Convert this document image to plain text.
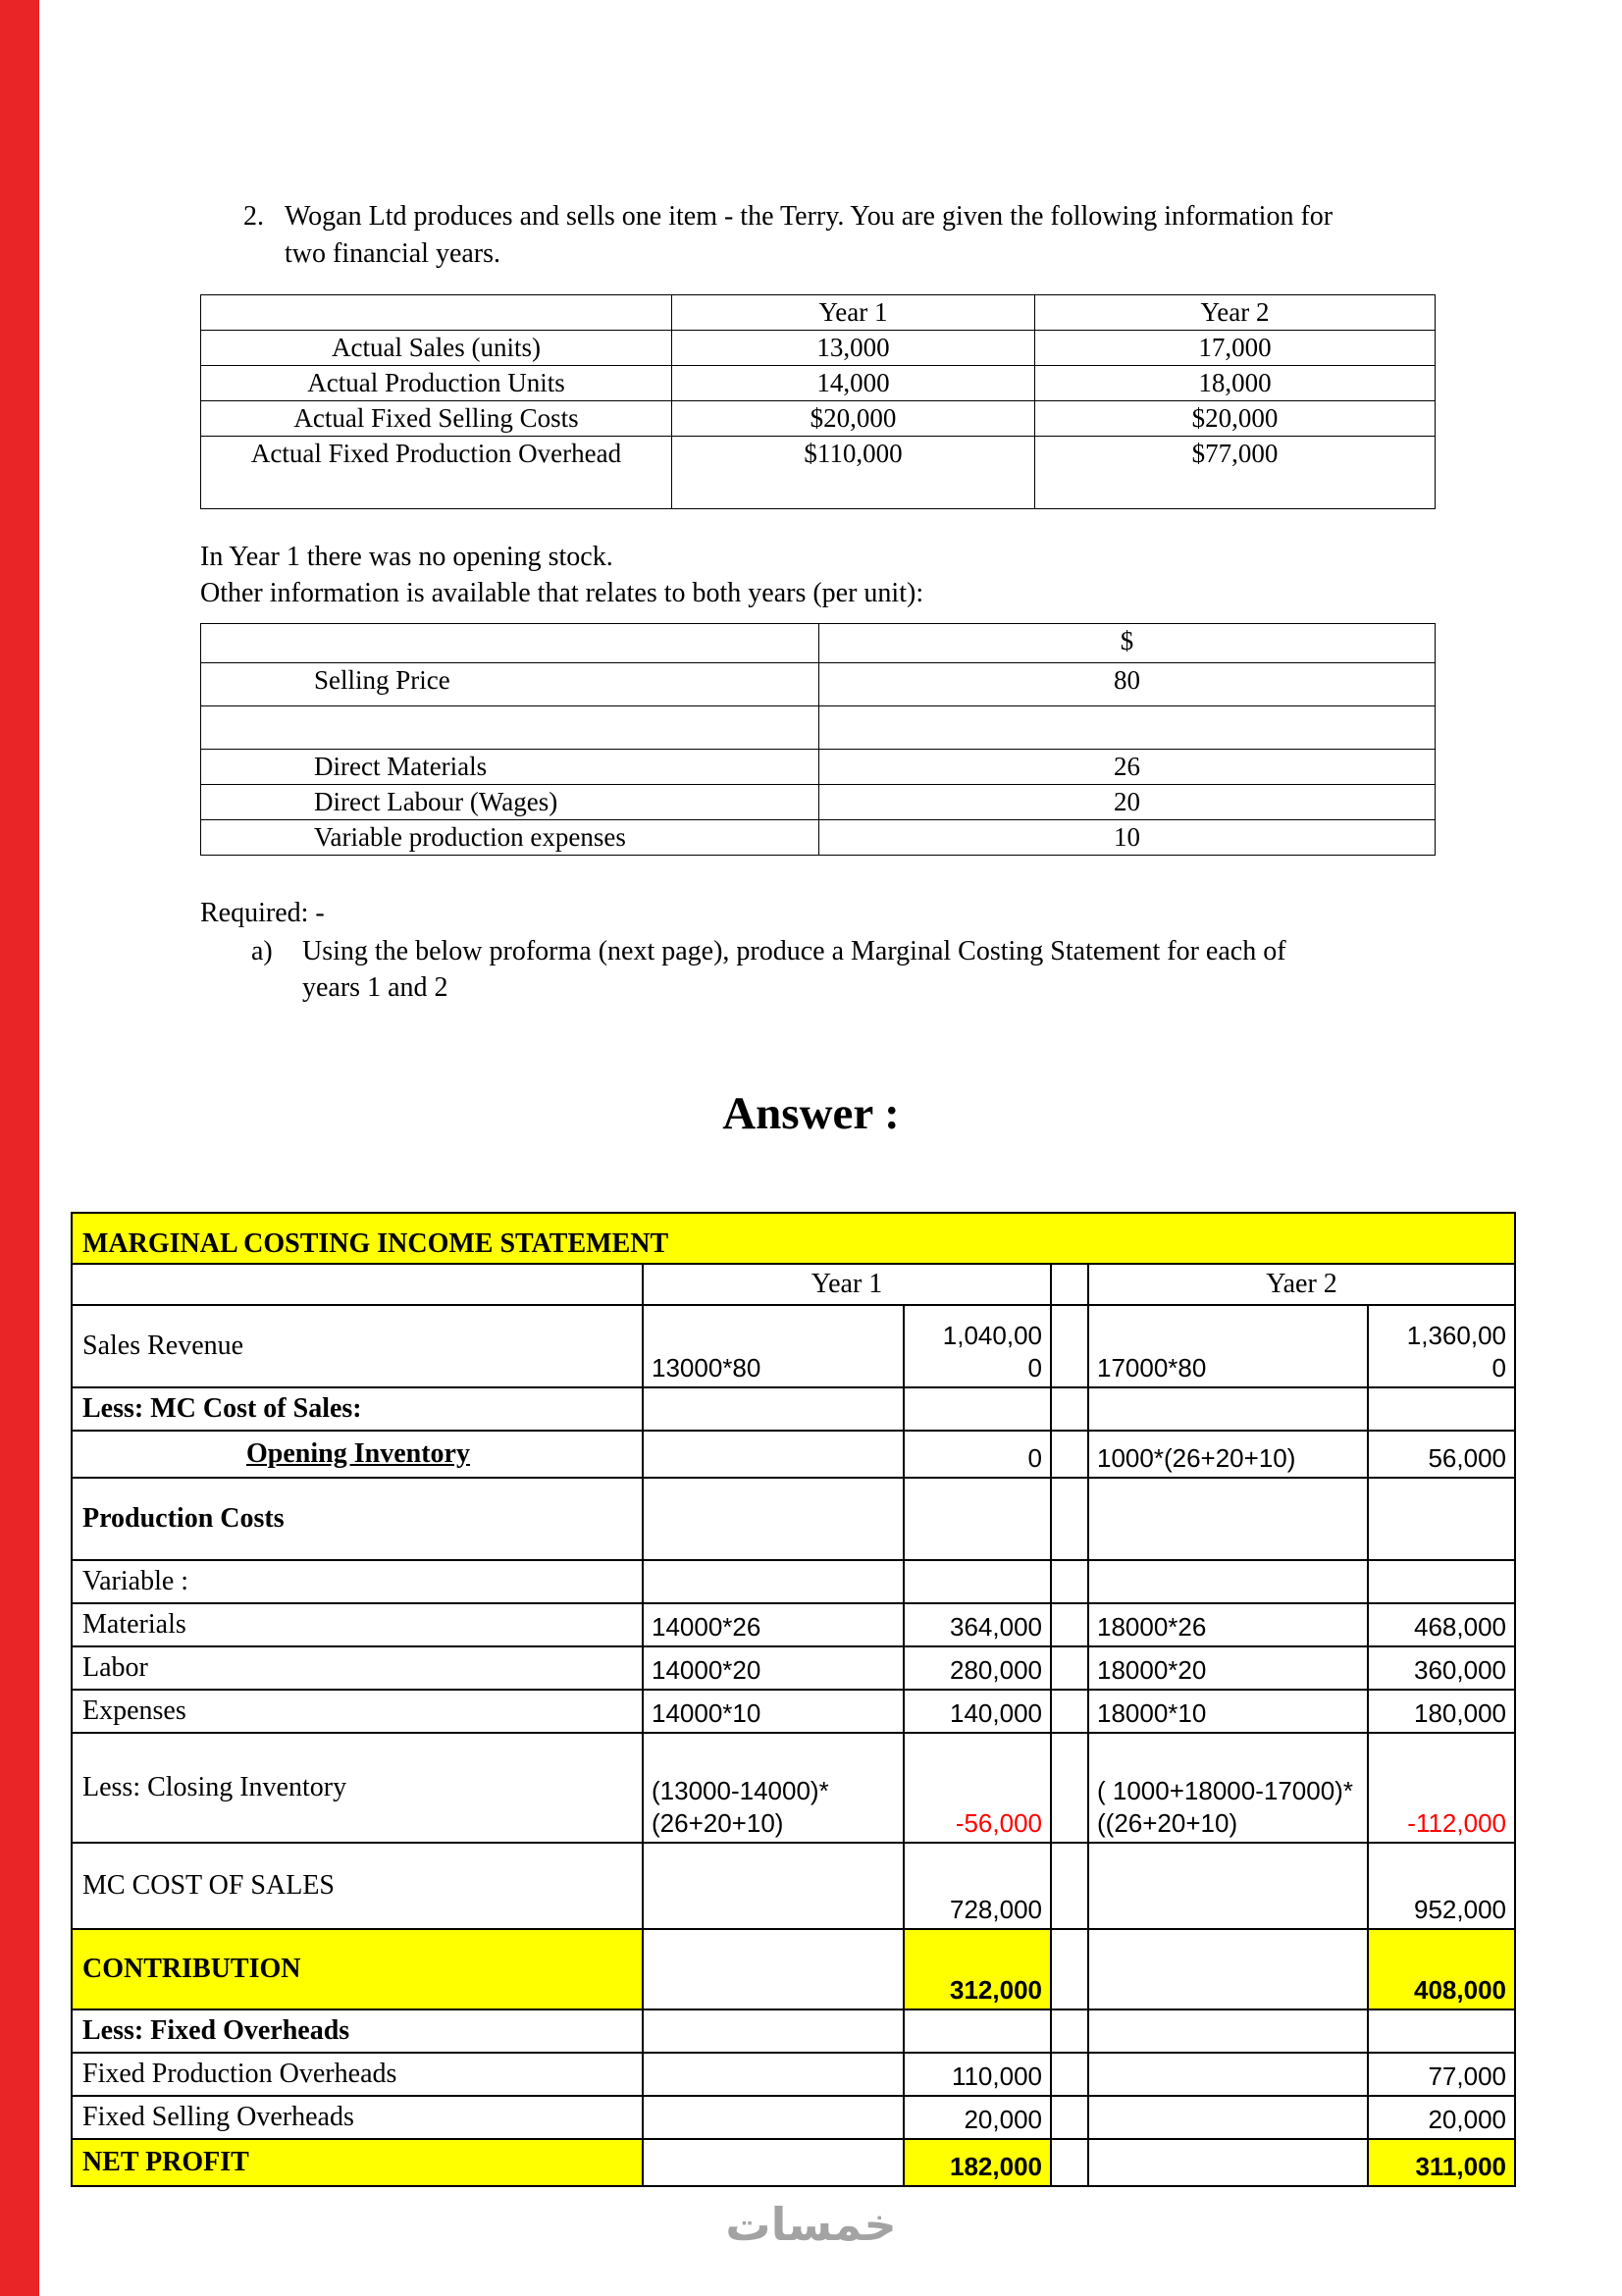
2. Wogan Ltd produces and sells one item - the Terry. You are given the following information for two financial years.
	Year 1	Year 2
Actual Sales (units)	13,000	17,000
Actual Production Units	14,000	18,000
Actual Fixed Selling Costs	$20,000	$20,000
Actual Fixed Production Overhead	$110,000	$77,000
In Year 1 there was no opening stock.
Other information is available that relates to both years (per unit):
	$
Selling Price	80

Direct Materials	26
Direct Labour (Wages)	20
Variable production expenses	10
Required: -
a)	Using the below proforma (next page), produce a Marginal Costing Statement for each of years 1 and 2
Answer :
MARGINAL COSTING INCOME STATEMENT					
	Year 1			Yaer 2	
Sales Revenue	13000*80	1,040,000		17000*80	1,360,000
Less: MC Cost of Sales:					
Opening Inventory		0		1000*(26+20+10)	56,000
Production Costs					
Variable :					
Materials	14000*26	364,000		18000*26	468,000
Labor	14000*20	280,000		18000*20	360,000
Expenses	14000*10	140,000		18000*10	180,000
Less: Closing Inventory	(13000-14000)*(26+20+10)	-56,000		( 1000+18000-17000)*((26+20+10)	-112,000
MC COST OF SALES		728,000			952,000
CONTRIBUTION		312,000			408,000
Less: Fixed Overheads					
Fixed Production Overheads		110,000			77,000
Fixed Selling Overheads		20,000			20,000
NET PROFIT		182,000			311,000
خمسات
